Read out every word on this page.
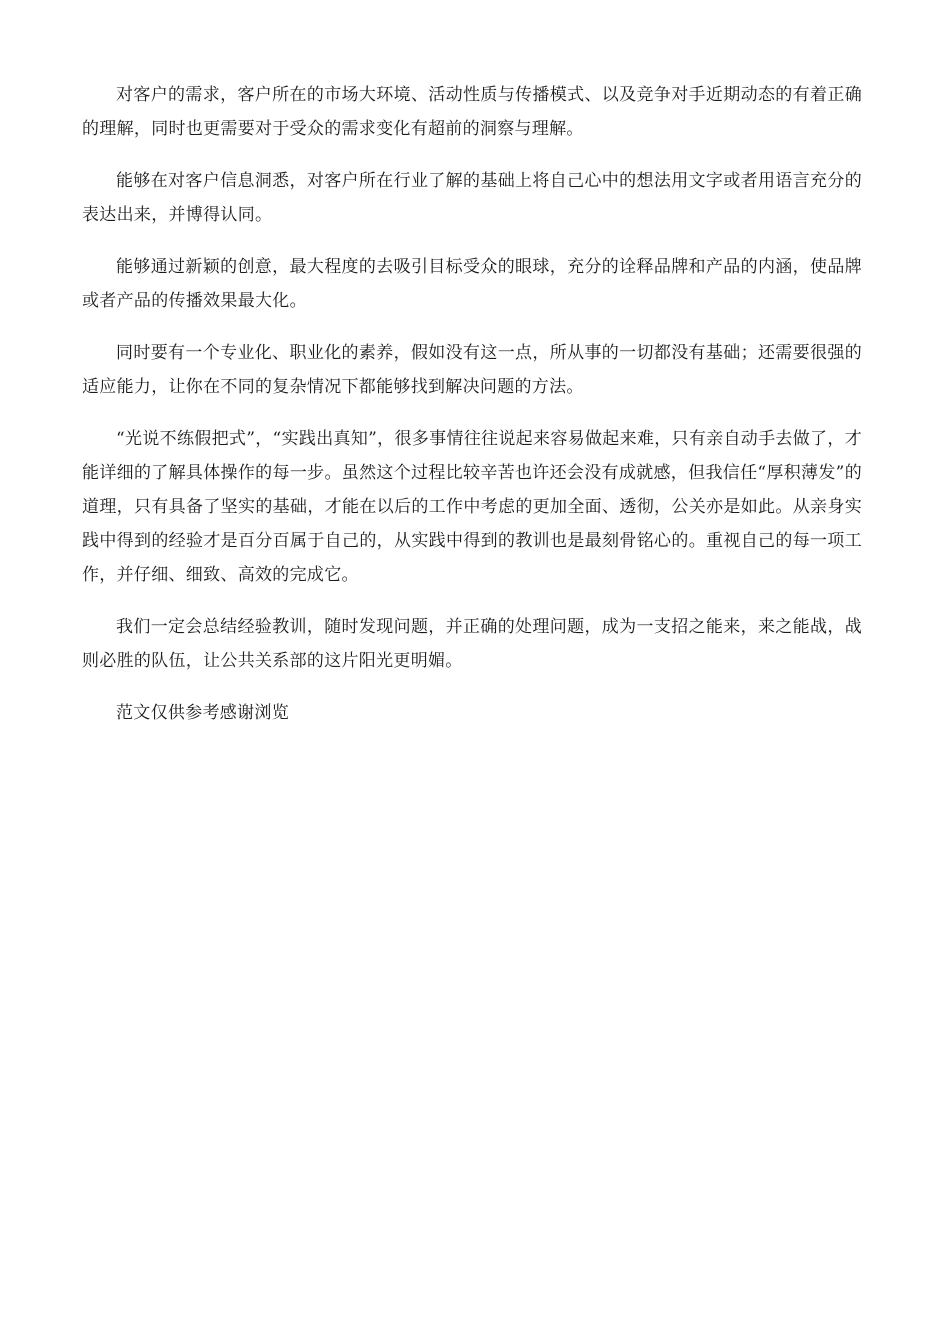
对客户的需求，客户所在的市场大环境、活动性质与传播模式、以及竞争对手近期动态的有着正确的理解，同时也更需要对于受众的需求变化有超前的洞察与理解。

能够在对客户信息洞悉，对客户所在行业了解的基础上将自己心中的想法用文字或者用语言充分的表达出来，并博得认同。

能够通过新颖的创意，最大程度的去吸引目标受众的眼球，充分的诠释品牌和产品的内涵，使品牌或者产品的传播效果最大化。

同时要有一个专业化、职业化的素养，假如没有这一点，所从事的一切都没有基础；还需要很强的适应能力，让你在不同的复杂情况下都能够找到解决问题的方法。

“光说不练假把式”，“实践出真知”，很多事情往往说起来容易做起来难，只有亲自动手去做了，才能详细的了解具体操作的每一步。虽然这个过程比较辛苦也许还会没有成就感，但我信任“厚积薄发”的道理，只有具备了坚实的基础，才能在以后的工作中考虑的更加全面、透彻，公关亦是如此。从亲身实践中得到的经验才是百分百属于自己的，从实践中得到的教训也是最刻骨铭心的。重视自己的每一项工作，并仔细、细致、高效的完成它。

我们一定会总结经验教训，随时发现问题，并正确的处理问题，成为一支招之能来，来之能战，战则必胜的队伍，让公共关系部的这片阳光更明媚。

范文仅供参考感谢浏览
